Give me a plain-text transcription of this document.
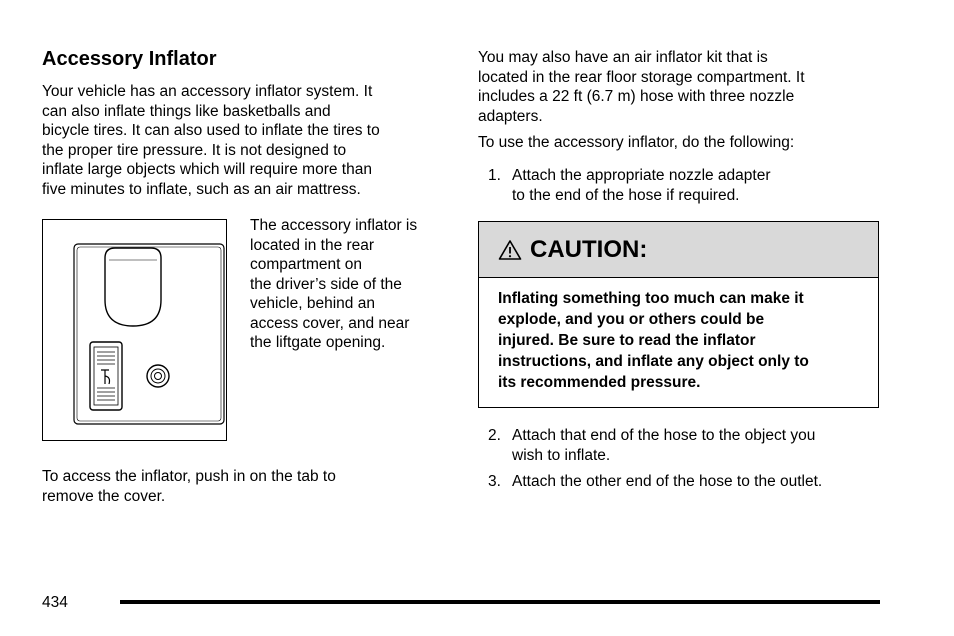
Accessory Inflator
Your vehicle has an accessory inflator system. It
can also inflate things like basketballs and
bicycle tires. It can also used to inflate the tires to
the proper tire pressure. It is not designed to
inflate large objects which will require more than
five minutes to inflate, such as an air mattress.
The accessory inflator is
located in the rear
compartment on
the driver’s side of the
vehicle, behind an
access cover, and near
the liftgate opening.
To access the inflator, push in on the tab to
remove the cover.
You may also have an air inflator kit that is
located in the rear floor storage compartment. It
includes a 22 ft (6.7 m) hose with three nozzle
adapters.
To use the accessory inflator, do the following:
1. Attach the appropriate nozzle adapter
to the end of the hose if required.
CAUTION:
Inflating something too much can make it
explode, and you or others could be
injured. Be sure to read the inflator
instructions, and inflate any object only to
its recommended pressure.
2. Attach that end of the hose to the object you
wish to inflate.
3. Attach the other end of the hose to the outlet.
434
